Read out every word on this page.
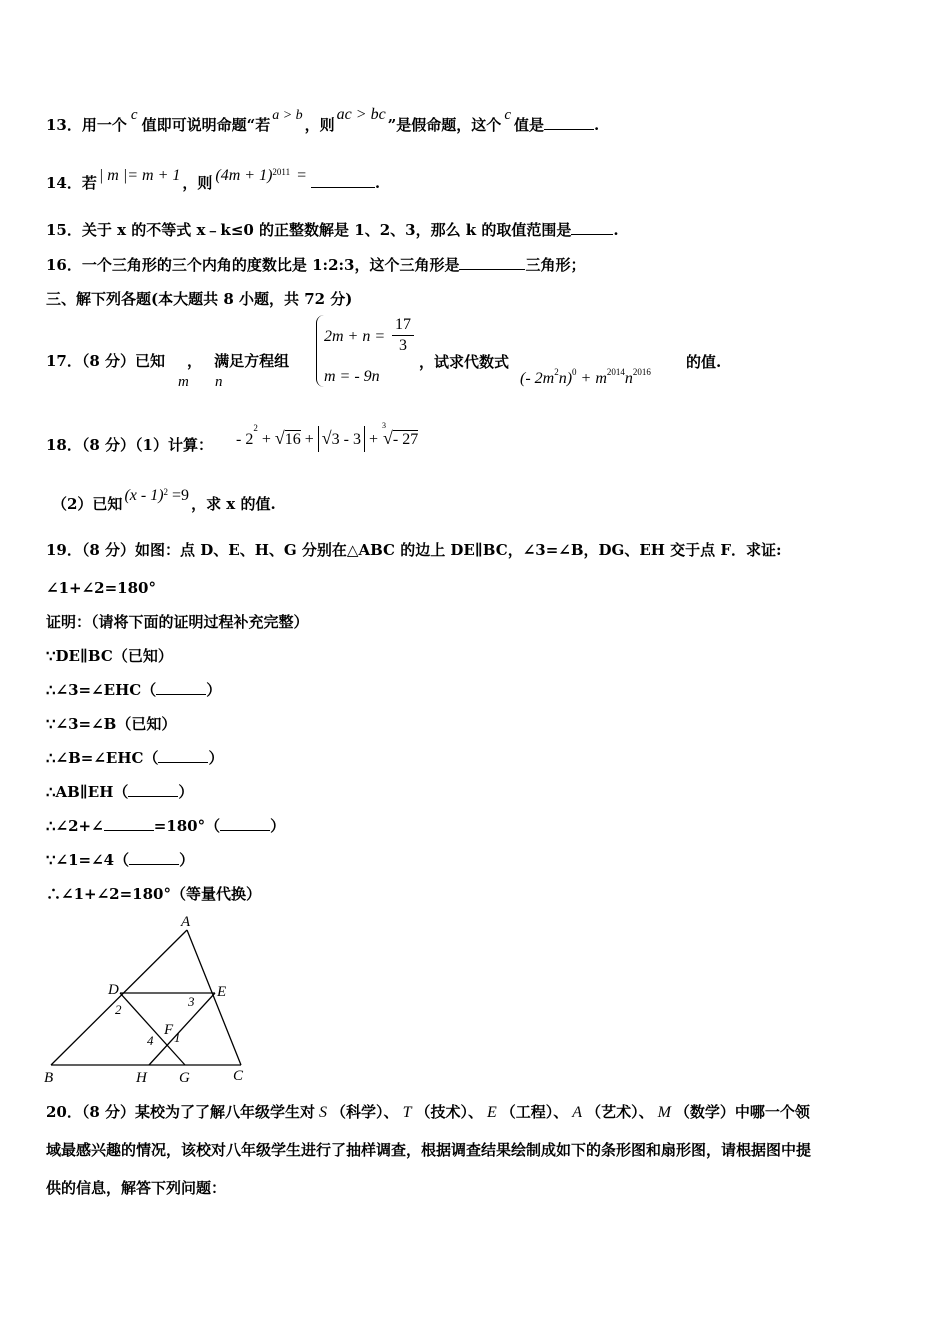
13．用一个c值即可说明命题“若a > b，则ac > bc”是假命题，这个c值是	.
14．若 | m |= m + 1 ，则 $(4m + 1)^{2011}$ =	.
15．关于 x 的不等式 x﹣k≤0 的正整数解是 1、2、3，那么 k 的取值范围是	.
16．一个三角形的三个内角的度数比是 1:2:3，这个三角形是	三角形；
三、解下列各题(本大题共 8 小题，共 72 分)
17．（8 分）已知 ， 满足方程组
m n
2m + n =
17
3
m = - 9n
，试求代数式
(- $2m^2n)^0 + m^{2014}n^{2016}$
的值.
18．（8 分）（1）计算： - $2^2 + √16 + √3 - 3 + ^3√-$ 27
（2）已知 (x - 1)$^2$ =9 ，求 x 的值.
19．（8 分）如图：点 D、E、H、G 分别在△ABC 的边上 DE∥BC，∠3=∠B，DG、EH 交于点 F．求证:
∠1+∠2=180°
证明：（请将下面的证明过程补充完整）
∵DE∥BC（已知）
∴∠3=∠EHC（	）
∵∠3=∠B（已知）
∴∠B=∠EHC（	）
∴AB∥EH（	）
∴∠2+∠	=180°（	）
∵∠1=∠4（	）
∴∠1+∠2=180°（等量代换）
A
B	C
D	E
F
G
H
1
2
3
4
20．（8 分）某校为了了解八年级学生对 S （科学）、 T （技术）、 E （工程）、 A （艺术）、 M （数学）中哪一个领
域最感兴趣的情况，该校对八年级学生进行了抽样调查，根据调查结果绘制成如下的条形图和扇形图，请根据图中提
供的信息，解答下列问题：
